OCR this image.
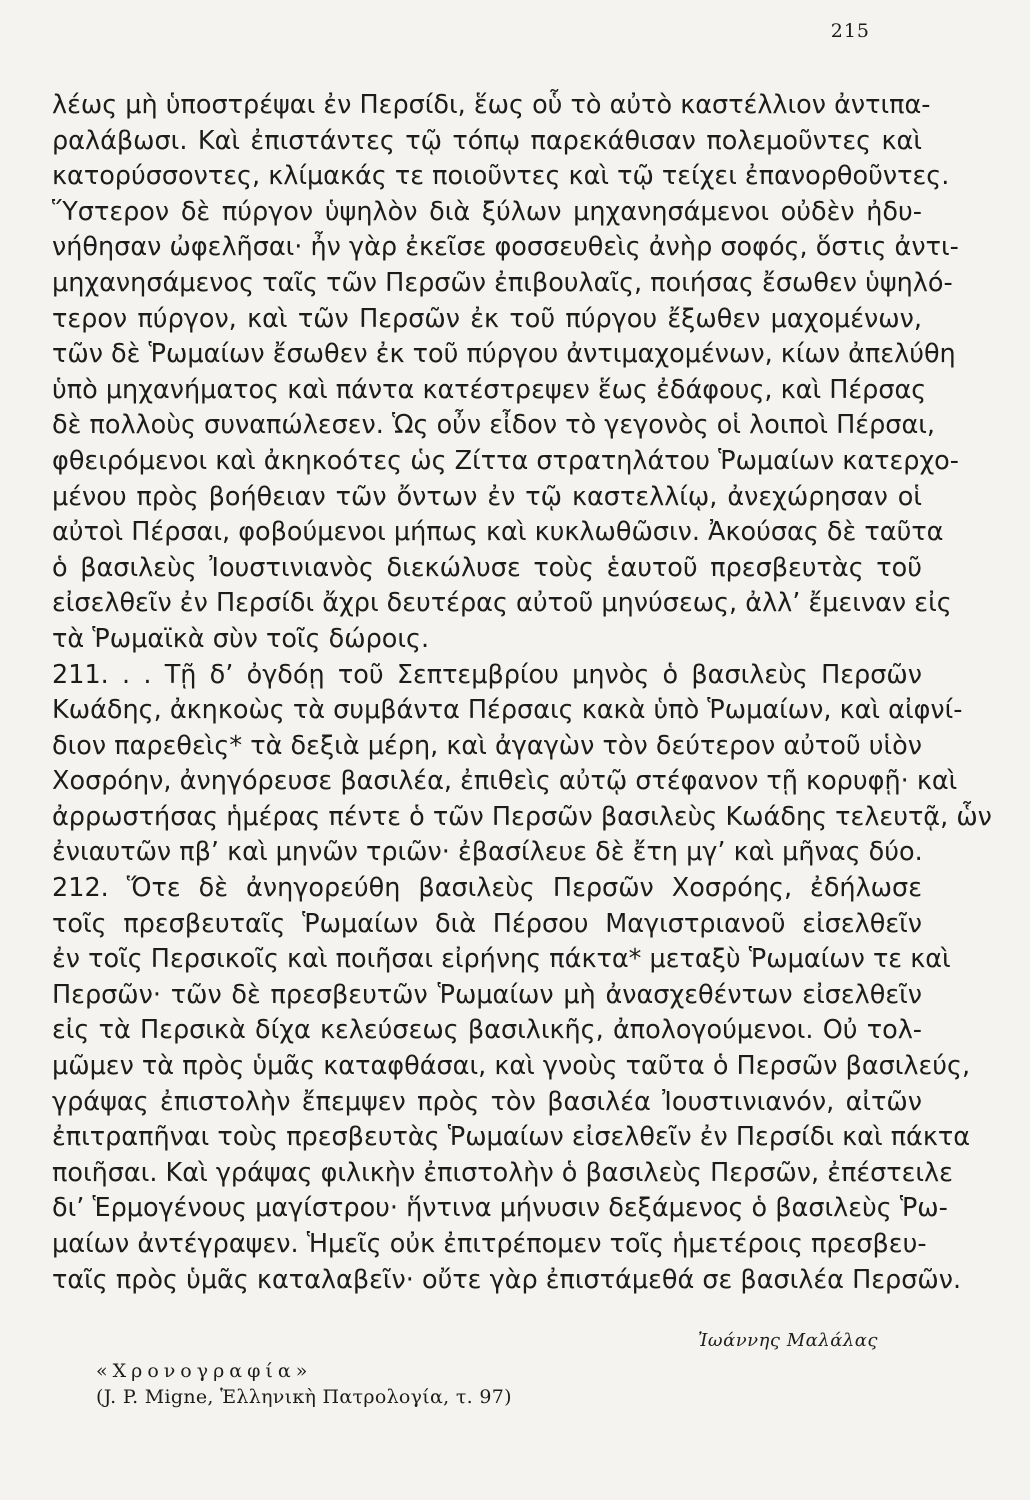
215
λέως μὴ ὑποστρέψαι ἐν Περσίδι, ἕως οὗ τὸ αὐτὸ καστέλλιον ἀντιπα-
ραλάβωσι. Καὶ ἐπιστάντες τῷ τόπῳ παρεκάθισαν πολεμοῦντες καὶ
κατορύσσοντες, κλίμακάς τε ποιοῦντες καὶ τῷ τείχει ἐπανορθοῦντες.
Ὕστερον δὲ πύργον ὑψηλὸν διὰ ξύλων μηχανησάμενοι οὐδὲν ἠδυ-
νήθησαν ὠφελῆσαι· ἦν γὰρ ἐκεῖσε φοσσευθεὶς ἀνὴρ σοφός, ὅστις ἀντι-
μηχανησάμενος ταῖς τῶν Περσῶν ἐπιβουλαῖς, ποιήσας ἔσωθεν ὑψηλό-
τερον πύργον, καὶ τῶν Περσῶν ἐκ τοῦ πύργου ἔξωθεν μαχομένων,
τῶν δὲ Ῥωμαίων ἔσωθεν ἐκ τοῦ πύργου ἀντιμαχομένων, κίων ἀπελύθη
ὑπὸ μηχανήματος καὶ πάντα κατέστρεψεν ἕως ἐδάφους, καὶ Πέρσας
δὲ πολλοὺς συναπώλεσεν. Ὡς οὖν εἶδον τὸ γεγονὸς οἱ λοιποὶ Πέρσαι,
φθειρόμενοι καὶ ἀκηκοότες ὡς Ζίττα στρατηλάτου Ῥωμαίων κατερχο-
μένου πρὸς βοήθειαν τῶν ὄντων ἐν τῷ καστελλίῳ, ἀνεχώρησαν οἱ
αὐτοὶ Πέρσαι, φοβούμενοι μήπως καὶ κυκλωθῶσιν. Ἀκούσας δὲ ταῦτα
ὁ βασιλεὺς Ἰουστινιανὸς διεκώλυσε τοὺς ἑαυτοῦ πρεσβευτὰς τοῦ
εἰσελθεῖν ἐν Περσίδι ἄχρι δευτέρας αὐτοῦ μηνύσεως, ἀλλ’ ἔμειναν εἰς
τὰ Ῥωμαϊκὰ σὺν τοῖς δώροις.
211. . . Τῇ δ’ ὀγδόῃ τοῦ Σεπτεμβρίου μηνὸς ὁ βασιλεὺς Περσῶν
Κωάδης, ἀκηκοὼς τὰ συμβάντα Πέρσαις κακὰ ὑπὸ Ῥωμαίων, καὶ αἰφνί-
διον παρεθεὶς* τὰ δεξιὰ μέρη, καὶ ἀγαγὼν τὸν δεύτερον αὐτοῦ υἱὸν
Χοσρόην, ἀνηγόρευσε βασιλέα, ἐπιθεὶς αὐτῷ στέφανον τῇ κορυφῇ· καὶ
ἀρρωστήσας ἡμέρας πέντε ὁ τῶν Περσῶν βασιλεὺς Κωάδης τελευτᾷ, ὧν
ἐνιαυτῶν πβ’ καὶ μηνῶν τριῶν· ἐβασίλευε δὲ ἔτη μγ’ καὶ μῆνας δύο.
212. Ὅτε δὲ ἀνηγορεύθη βασιλεὺς Περσῶν Χοσρόης, ἐδήλωσε
τοῖς πρεσβευταῖς Ῥωμαίων διὰ Πέρσου Μαγιστριανοῦ εἰσελθεῖν
ἐν τοῖς Περσικοῖς καὶ ποιῆσαι εἰρήνης πάκτα* μεταξὺ Ῥωμαίων τε καὶ
Περσῶν· τῶν δὲ πρεσβευτῶν Ῥωμαίων μὴ ἀνασχεθέντων εἰσελθεῖν
εἰς τὰ Περσικὰ δίχα κελεύσεως βασιλικῆς, ἀπολογούμενοι. Οὐ τολ-
μῶμεν τὰ πρὸς ὑμᾶς καταφθάσαι, καὶ γνοὺς ταῦτα ὁ Περσῶν βασιλεύς,
γράψας ἐπιστολὴν ἔπεμψεν πρὸς τὸν βασιλέα Ἰουστινιανόν, αἰτῶν
ἐπιτραπῆναι τοὺς πρεσβευτὰς Ῥωμαίων εἰσελθεῖν ἐν Περσίδι καὶ πάκτα
ποιῆσαι. Καὶ γράψας φιλικὴν ἐπιστολὴν ὁ βασιλεὺς Περσῶν, ἐπέστειλε
δι’ Ἑρμογένους μαγίστρου· ἥντινα μήνυσιν δεξάμενος ὁ βασιλεὺς Ῥω-
μαίων ἀντέγραψεν. Ἡμεῖς οὐκ ἐπιτρέπομεν τοῖς ἡμετέροις πρεσβευ-
ταῖς πρὸς ὑμᾶς καταλαβεῖν· οὔτε γὰρ ἐπιστάμεθά σε βασιλέα Περσῶν.
Ἰωάννης Μαλάλας
«Χρονογραφία»
(J. P. Migne, Ἑλληνικὴ Πατρολογία, τ. 97)
